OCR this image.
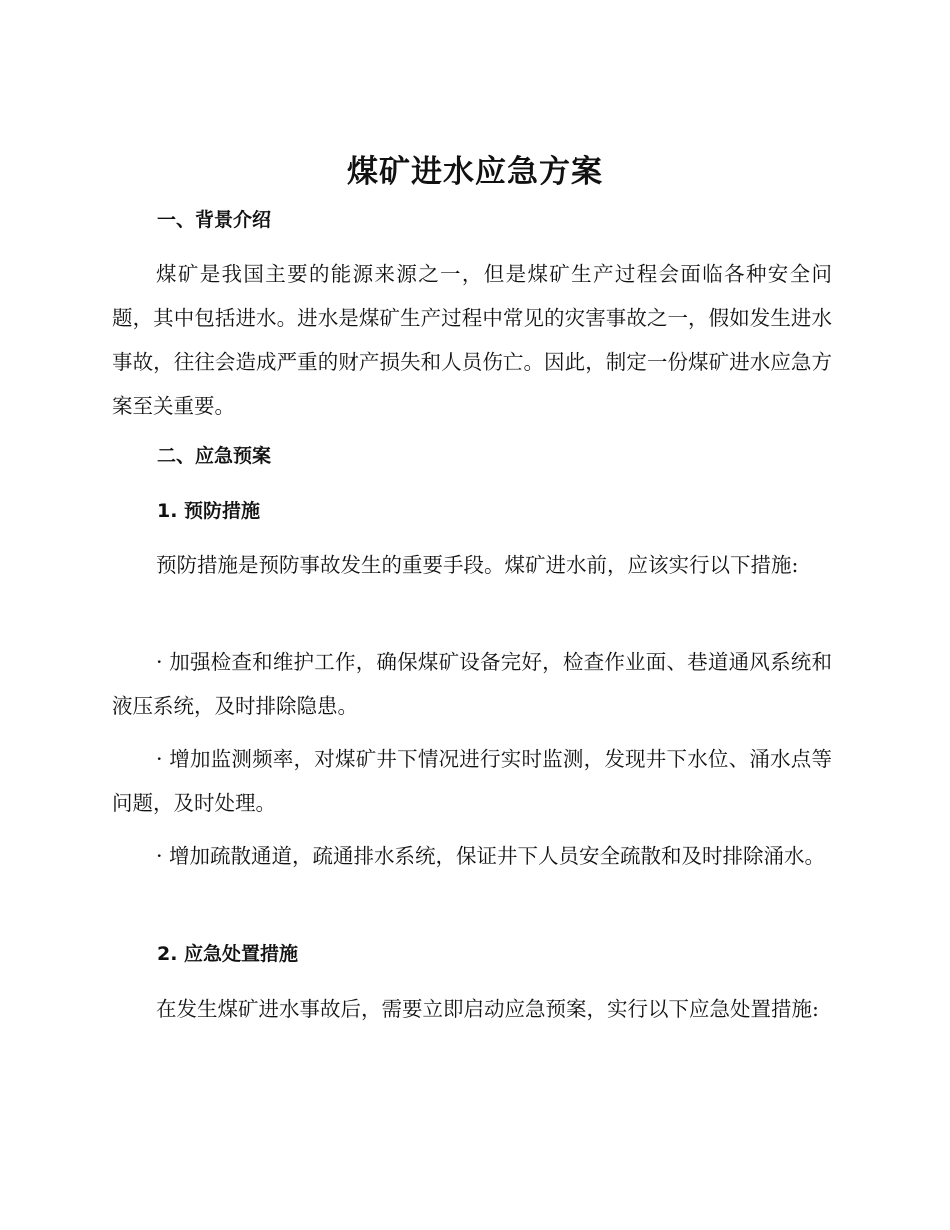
煤矿进水应急方案
一、背景介绍

煤矿是我国主要的能源来源之一，但是煤矿生产过程会面临各种安全问题，其中包括进水。进水是煤矿生产过程中常见的灾害事故之一，假如发生进水事故，往往会造成严重的财产损失和人员伤亡。因此，制定一份煤矿进水应急方案至关重要。

二、应急预案
1. 预防措施

预防措施是预防事故发生的重要手段。煤矿进水前，应该实行以下措施:

· 加强检查和维护工作，确保煤矿设备完好，检查作业面、巷道通风系统和液压系统，及时排除隐患。

· 增加监测频率，对煤矿井下情况进行实时监测，发现井下水位、涌水点等问题，及时处理。

· 增加疏散通道，疏通排水系统，保证井下人员安全疏散和及时排除涌水。

2. 应急处置措施

在发生煤矿进水事故后，需要立即启动应急预案，实行以下应急处置措施:
